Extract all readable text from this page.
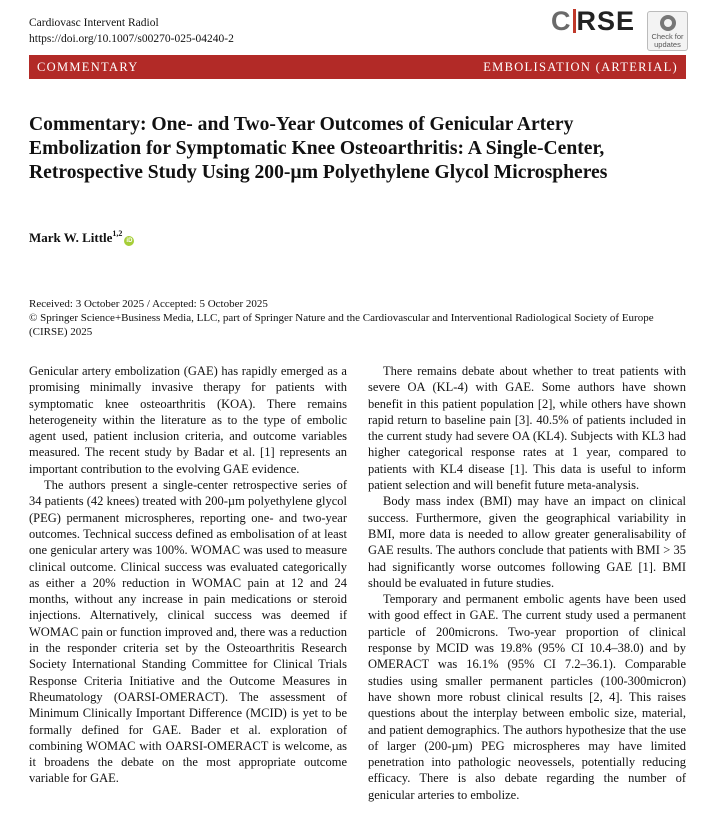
Cardiovasc Intervent Radiol
https://doi.org/10.1007/s00270-025-04240-2
C RSE
Check for
updates
COMMENTARY	EMBOLISATION (ARTERIAL)
Commentary: One- and Two-Year Outcomes of Genicular Artery Embolization for Symptomatic Knee Osteoarthritis: A Single-Center, Retrospective Study Using 200-µm Polyethylene Glycol Microspheres
Mark W. Little$^{1,2}$iD
Received: 3 October 2025 / Accepted: 5 October 2025
© Springer Science+Business Media, LLC, part of Springer Nature and the Cardiovascular and Interventional Radiological Society of Europe (CIRSE) 2025

Genicular artery embolization (GAE) has rapidly emerged as a promising minimally invasive therapy for patients with symptomatic knee osteoarthritis (KOA). There remains heterogeneity within the literature as to the type of embolic agent used, patient inclusion criteria, and outcome variables measured. The recent study by Badar et al. [1] represents an important contribution to the evolving GAE evidence.

The authors present a single-center retrospective series of 34 patients (42 knees) treated with 200-µm polyethylene glycol (PEG) permanent microspheres, reporting one- and two-year outcomes. Technical success defined as embolisation of at least one genicular artery was 100%. WOMAC was used to measure clinical outcome. Clinical success was evaluated categorically as either a 20% reduction in WOMAC pain at 12 and 24 months, without any increase in pain medications or steroid injections. Alternatively, clinical success was deemed if WOMAC pain or function improved and, there was a reduction in the responder criteria set by the Osteoarthritis Research Society International Standing Committee for Clinical Trials Response Criteria Initiative and the Outcome Measures in Rheumatology (OARSI-OMERACT). The assessment of Minimum Clinically Important Difference (MCID) is yet to be formally defined for GAE. Bader et al. exploration of combining WOMAC with OARSI-OMERACT is welcome, as it broadens the debate on the most appropriate outcome variable for GAE.

There remains debate about whether to treat patients with severe OA (KL-4) with GAE. Some authors have shown benefit in this patient population [2], while others have shown rapid return to baseline pain [3]. 40.5% of patients included in the current study had severe OA (KL4). Subjects with KL3 had higher categorical response rates at 1 year, compared to patients with KL4 disease [1]. This data is useful to inform patient selection and will benefit future meta-analysis.

Body mass index (BMI) may have an impact on clinical success. Furthermore, given the geographical variability in BMI, more data is needed to allow greater generalisability of GAE results. The authors conclude that patients with BMI > 35 had significantly worse outcomes following GAE [1]. BMI should be evaluated in future studies.

Temporary and permanent embolic agents have been used with good effect in GAE. The current study used a permanent particle of 200microns. Two-year proportion of clinical response by MCID was 19.8% (95% CI 10.4–38.0) and by OMERACT was 16.1% (95% CI 7.2–36.1). Comparable studies using smaller permanent particles (100-300micron) have shown more robust clinical results [2, 4]. This raises questions about the interplay between embolic size, material, and patient demographics. The authors hypothesize that the use of larger (200-µm) PEG microspheres may have limited penetration into pathologic neovessels, potentially reducing efficacy. There is also debate regarding the number of genicular arteries to embolize.
